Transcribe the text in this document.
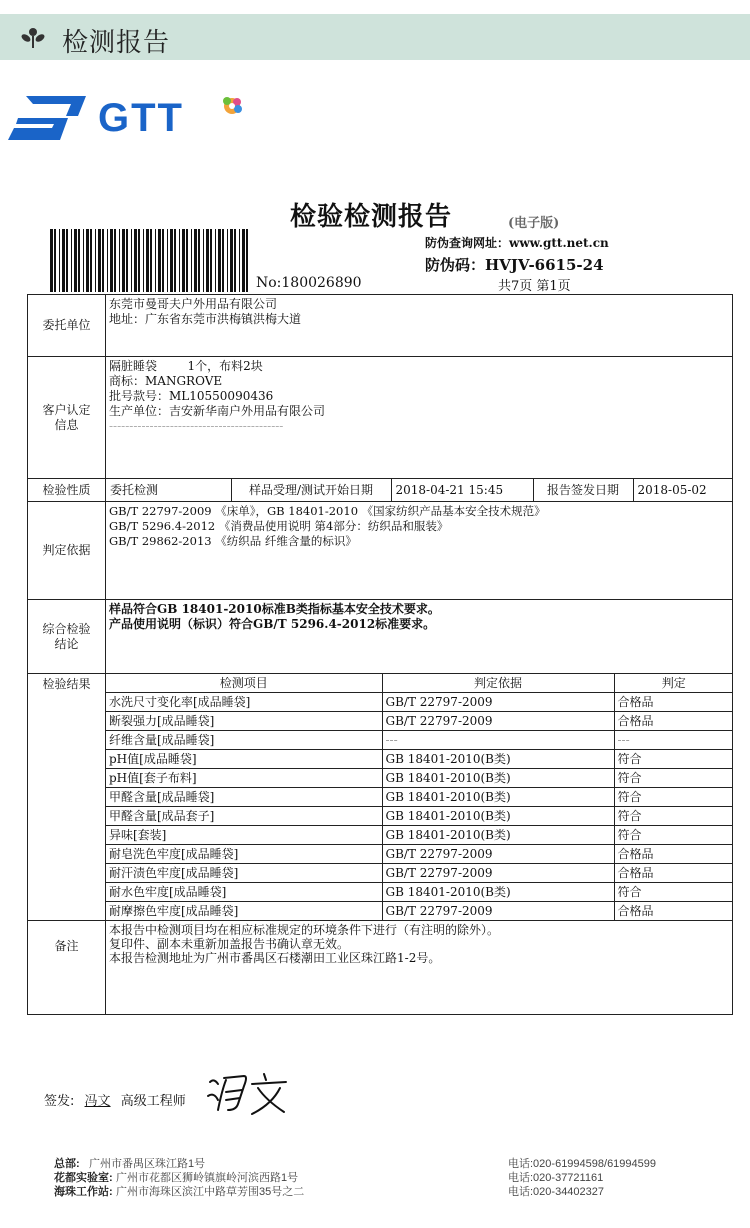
检测报告
GTT
检验检测报告	(电子版)
防伪查询网址：www.gtt.net.cn
防伪码：HVJV-6615-24
No:180026890	共7页 第1页
委托单位	
东莞市曼哥夫户外用品有限公司
地址：广东省东莞市洪梅镇洪梅大道

客户认定信息

隔脏睡袋        1个，布料2块
商标：MANGROVE
批号款号：ML10550090436
生产单位：吉安新华南户外用品有限公司
-------------------------------------------

检验性质	委托检测	样品受理/测试开始日期	2018-04-21 15:45	报告签发日期	2018-05-02

判定依据	
GB/T 22797-2009 《床单》，GB 18401-2010 《国家纺织产品基本安全技术规范》
GB/T 5296.4-2012 《消费品使用说明 第4部分：纺织品和服装》
GB/T 29862-2013 《纺织品 纤维含量的标识》

综合检验结论

样品符合GB 18401-2010标准B类指标基本安全技术要求。
产品使用说明（标识）符合GB/T 5296.4-2012标准要求。

检验结果		检测项目	判定依据	判定
水洗尺寸变化率[成品睡袋]	GB/T 22797-2009	合格品
断裂强力[成品睡袋]	GB/T 22797-2009	合格品
纤维含量[成品睡袋]	---	---
pH值[成品睡袋]	GB 18401-2010(B类)	符合
pH值[套子布料]	GB 18401-2010(B类)	符合
甲醛含量[成品睡袋]	GB 18401-2010(B类)	符合
甲醛含量[成品套子]	GB 18401-2010(B类)	符合
异味[套装]	GB 18401-2010(B类)	符合
耐皂洗色牢度[成品睡袋]	GB/T 22797-2009	合格品
耐汗渍色牢度[成品睡袋]	GB/T 22797-2009	合格品
耐水色牢度[成品睡袋]	GB 18401-2010(B类)	符合
耐摩擦色牢度[成品睡袋]	GB/T 22797-2009	合格品

备注	
本报告中检测项目均在相应标准规定的环境条件下进行（有注明的除外）。
复印件、副本未重新加盖报告书确认章无效。
本报告检测地址为广州市番禺区石楼潮田工业区珠江路1-2号。
签发: 冯文 高级工程师
总部: 广州市番禺区珠江路1号	电话:020-61994598/61994599
花都实验室: 广州市花都区狮岭镇旗岭河滨西路1号	电话:020-37721161
海珠工作站: 广州市海珠区滨江中路草芳围35号之二	电话:020-34402327
